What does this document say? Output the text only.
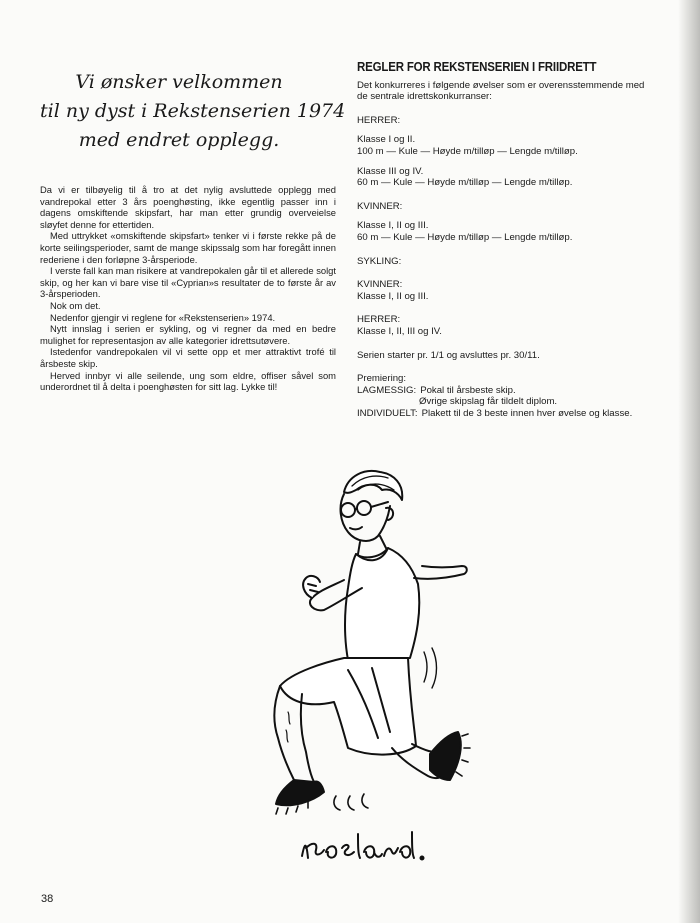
Vi ønsker velkommen
til ny dyst i Rekstenserien 1974
med endret opplegg.

Da vi er tilbøyelig til å tro at det nylig avsluttede opplegg med vandrepokal etter 3 års poenghøsting, ikke egentlig passer inn i dagens omskiftende skipsfart, har man etter grundig overveielse sløyfet denne for ettertiden.

Med uttrykket «omskiftende skipsfart» tenker vi i første rekke på de korte seilingsperioder, samt de mange skipssalg som har foregått innen rederiene i den forløpne 3-årsperiode.

I verste fall kan man risikere at vandrepokalen går til et allerede solgt skip, og her kan vi bare vise til «Cyprian»s resultater de to første år av 3-årsperioden.

Nok om det.

Nedenfor gjengir vi reglene for «Rekstenserien» 1974.

Nytt innslag i serien er sykling, og vi regner da med en bedre mulighet for representasjon av alle kategorier idrettsutøvere.

Istedenfor vandrepokalen vil vi sette opp et mer attraktivt trofé til årsbeste skip.

Herved innbyr vi alle seilende, ung som eldre, offiser såvel som underordnet til å delta i poenghøsten for sitt lag. Lykke til!

REGLER FOR REKSTENSERIEN I FRIIDRETT

Det konkurreres i følgende øvelser som er overensstemmende med de sentrale idrettskonkurranser:

HERRER:

Klasse I og II.

100 m — Kule — Høyde m/tilløp — Lengde m/tilløp.

Klasse III og IV.

60 m — Kule — Høyde m/tilløp — Lengde m/tilløp.

KVINNER:

Klasse I, II og III.

60 m — Kule — Høyde m/tilløp — Lengde m/tilløp.

SYKLING:

KVINNER:

Klasse I, II og III.

HERRER:

Klasse I, II, III og IV.

Serien starter pr. 1/1 og avsluttes pr. 30/11.

Premiering:

LAGMESSIG: Pokal til årsbeste skip.

Øvrige skipslag får tildelt diplom.

INDIVIDUELT: Plakett til de 3 beste innen hver øvelse og klasse.
38
